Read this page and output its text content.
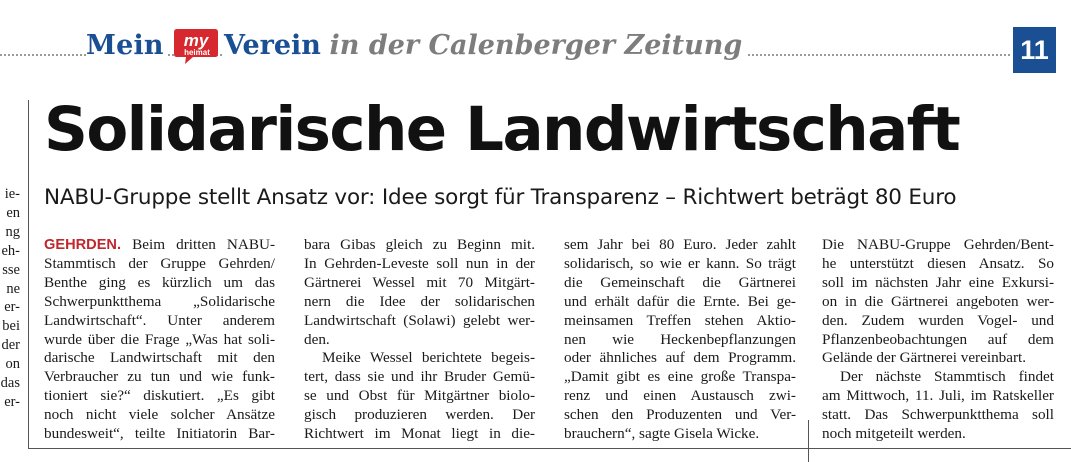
Mein my
heimat Verein in der Calenberger Zeitung	11
ie-
en
ng
eh-
sse
ne
er-
bei
der
on
das
er-
Solidarische Landwirtschaft
NABU-Gruppe stellt Ansatz vor: Idee sorgt für Transparenz – Richtwert beträgt 80 Euro
GEHRDEN. Beim dritten NABU-
Stammtisch der Gruppe Gehrden/
Benthe ging es kürzlich um das
Schwerpunktthema „Solidarische
Landwirtschaft“. Unter anderem
wurde über die Frage „Was hat soli-
darische Landwirtschaft mit den
Verbraucher zu tun und wie funk-
tioniert sie?“ diskutiert. „Es gibt
noch nicht viele solcher Ansätze
bundesweit“, teilte Initiatorin Bar-
bara Gibas gleich zu Beginn mit.
In Gehrden-Leveste soll nun in der
Gärtnerei Wessel mit 70 Mitgärt-
nern die Idee der solidarischen
Landwirtschaft (Solawi) gelebt wer-
den.
Meike Wessel berichtete begeis-
tert, dass sie und ihr Bruder Gemü-
se und Obst für Mitgärtner biolo-
gisch produzieren werden. Der
Richtwert im Monat liegt in die-
sem Jahr bei 80 Euro. Jeder zahlt
solidarisch, so wie er kann. So trägt
die Gemeinschaft die Gärtnerei
und erhält dafür die Ernte. Bei ge-
meinsamen Treffen stehen Aktio-
nen wie Heckenbepflanzungen
oder ähnliches auf dem Programm.
„Damit gibt es eine große Transpa-
renz und einen Austausch zwi-
schen den Produzenten und Ver-
brauchern“, sagte Gisela Wicke.
Die NABU-Gruppe Gehrden/Bent-
he unterstützt diesen Ansatz. So
soll im nächsten Jahr eine Exkursi-
on in die Gärtnerei angeboten wer-
den. Zudem wurden Vogel- und
Pflanzenbeobachtungen auf dem
Gelände der Gärtnerei vereinbart.
Der nächste Stammtisch findet
am Mittwoch, 11. Juli, im Ratskeller
statt. Das Schwerpunktthema soll
noch mitgeteilt werden.
